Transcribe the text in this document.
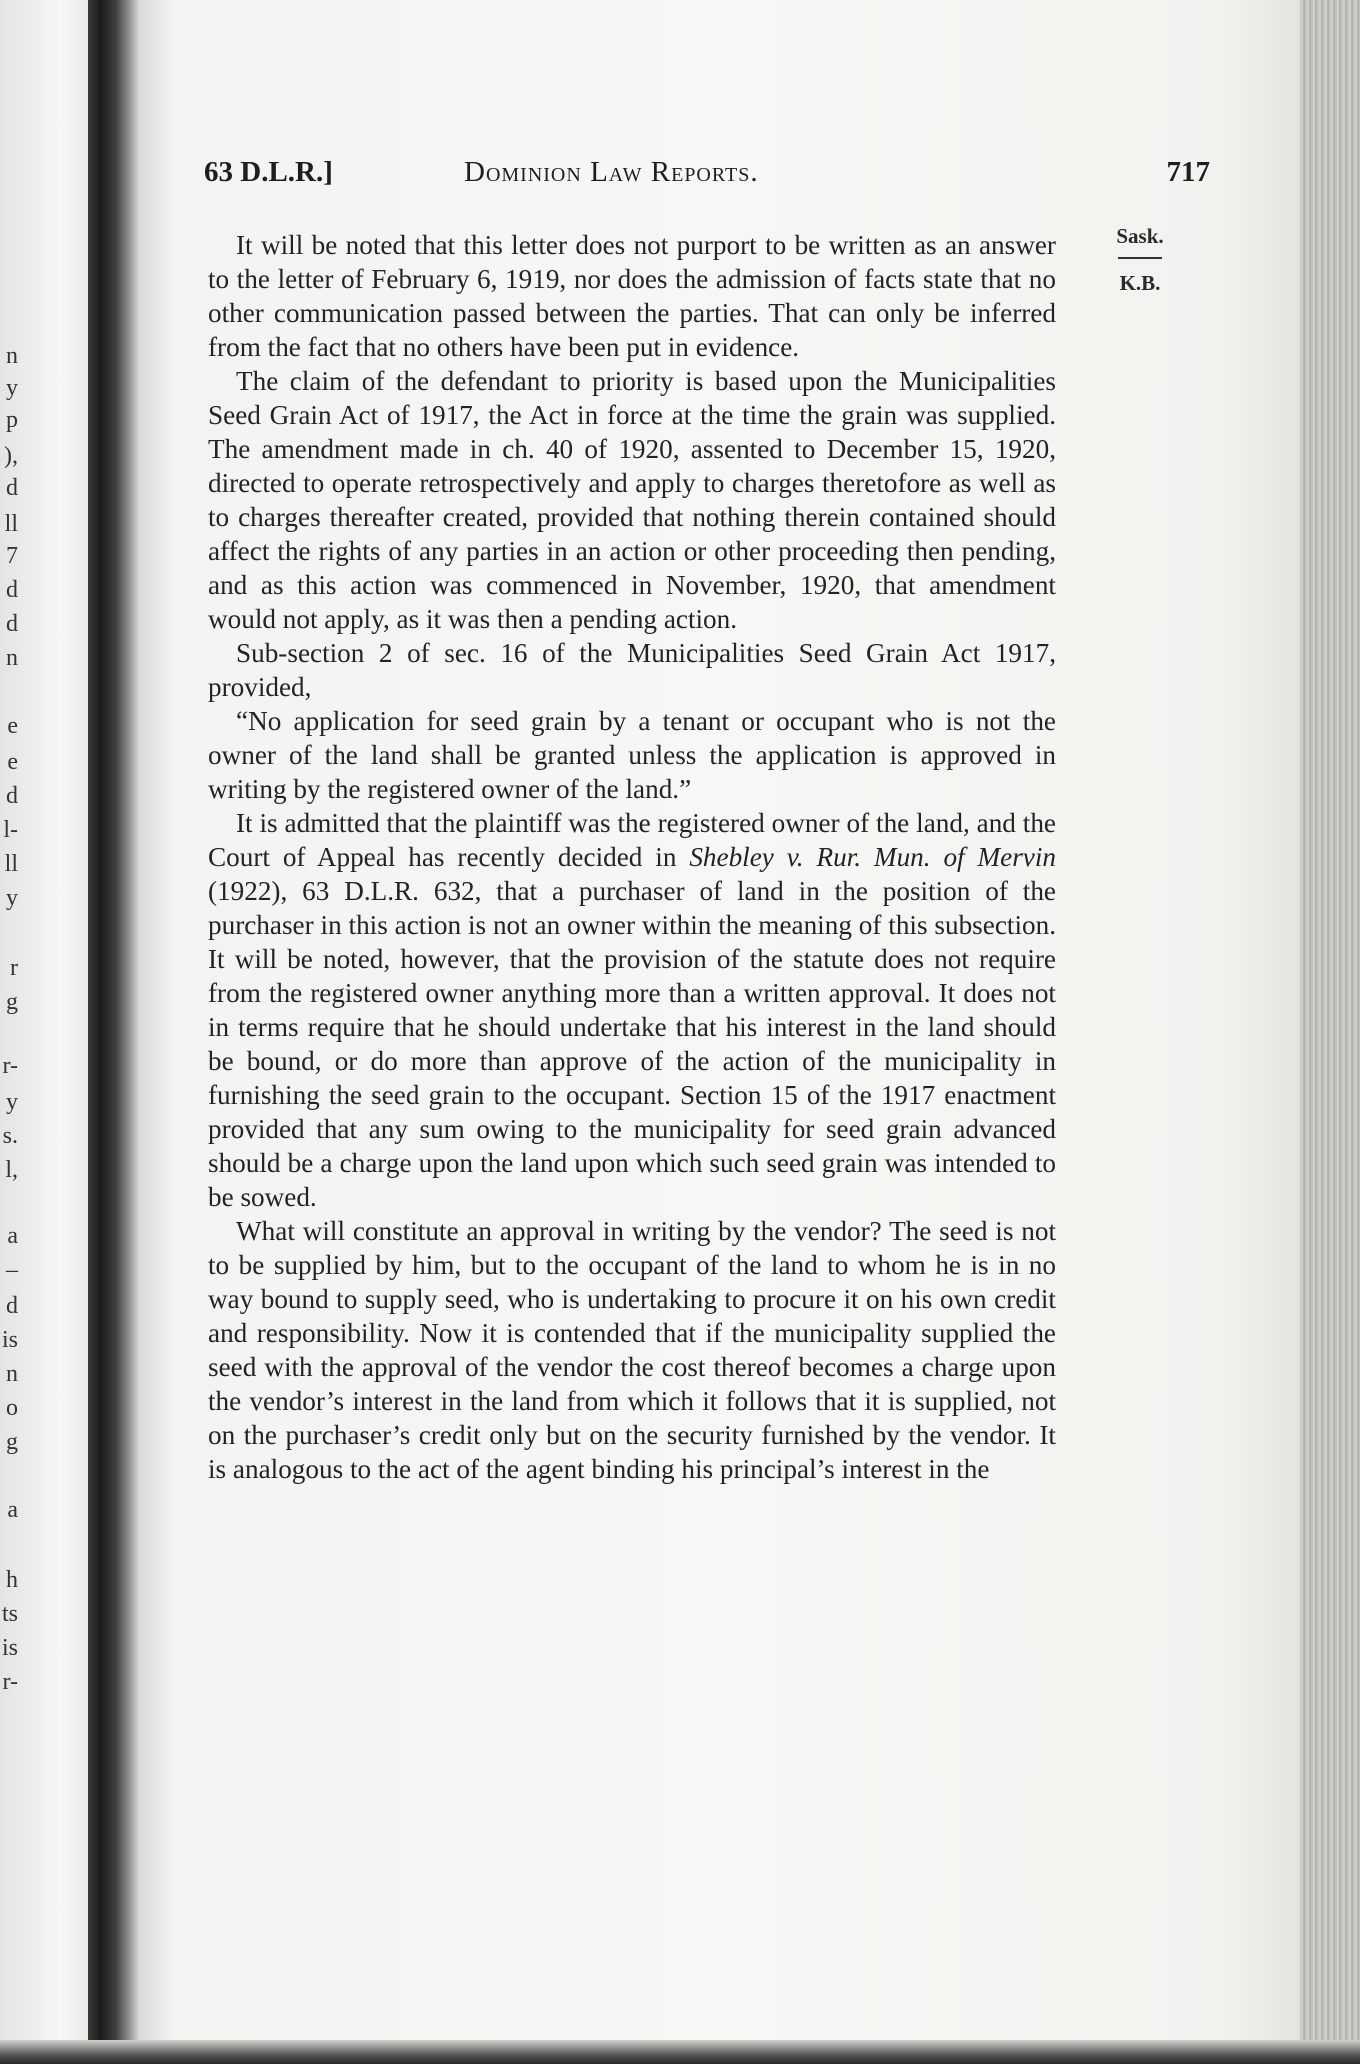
n
y
p
),
d
ll
7
d
d
n
e
e
d
l-
ll
y
r
g
r-
y
s.
l,
a
–
d
is
n
o
g
a
h
ts
is
r-
63 D.L.R.]	Dominion Law Reports.	717
Sask.
K.B.

It will be noted that this letter does not purport to be written as an answer to the letter of February 6, 1919, nor does the admission of facts state that no other communication passed between the parties. That can only be inferred from the fact that no others have been put in evidence.

The claim of the defendant to priority is based upon the Municipalities Seed Grain Act of 1917, the Act in force at the time the grain was supplied. The amendment made in ch. 40 of 1920, assented to December 15, 1920, directed to operate retrospectively and apply to charges theretofore as well as to charges thereafter created, provided that nothing therein contained should affect the rights of any parties in an action or other proceeding then pending, and as this action was commenced in November, 1920, that amendment would not apply, as it was then a pending action.

Sub-section 2 of sec. 16 of the Municipalities Seed Grain Act 1917, provided,

“No application for seed grain by a tenant or occupant who is not the owner of the land shall be granted unless the application is approved in writing by the registered owner of the land.”

It is admitted that the plaintiff was the registered owner of the land, and the Court of Appeal has recently decided in Shebley v. Rur. Mun. of Mervin (1922), 63 D.L.R. 632, that a purchaser of land in the position of the purchaser in this action is not an owner within the meaning of this subsection. It will be noted, however, that the provision of the statute does not require from the registered owner anything more than a written approval. It does not in terms require that he should undertake that his interest in the land should be bound, or do more than approve of the action of the municipality in furnishing the seed grain to the occupant. Section 15 of the 1917 enactment provided that any sum owing to the municipality for seed grain advanced should be a charge upon the land upon which such seed grain was intended to be sowed.

What will constitute an approval in writing by the vendor? The seed is not to be supplied by him, but to the occupant of the land to whom he is in no way bound to supply seed, who is undertaking to procure it on his own credit and responsibility. Now it is contended that if the municipality supplied the seed with the approval of the vendor the cost thereof becomes a charge upon the vendor’s interest in the land from which it follows that it is supplied, not on the purchaser’s credit only but on the security furnished by the vendor. It is analogous to the act of the agent binding his principal’s interest in the
